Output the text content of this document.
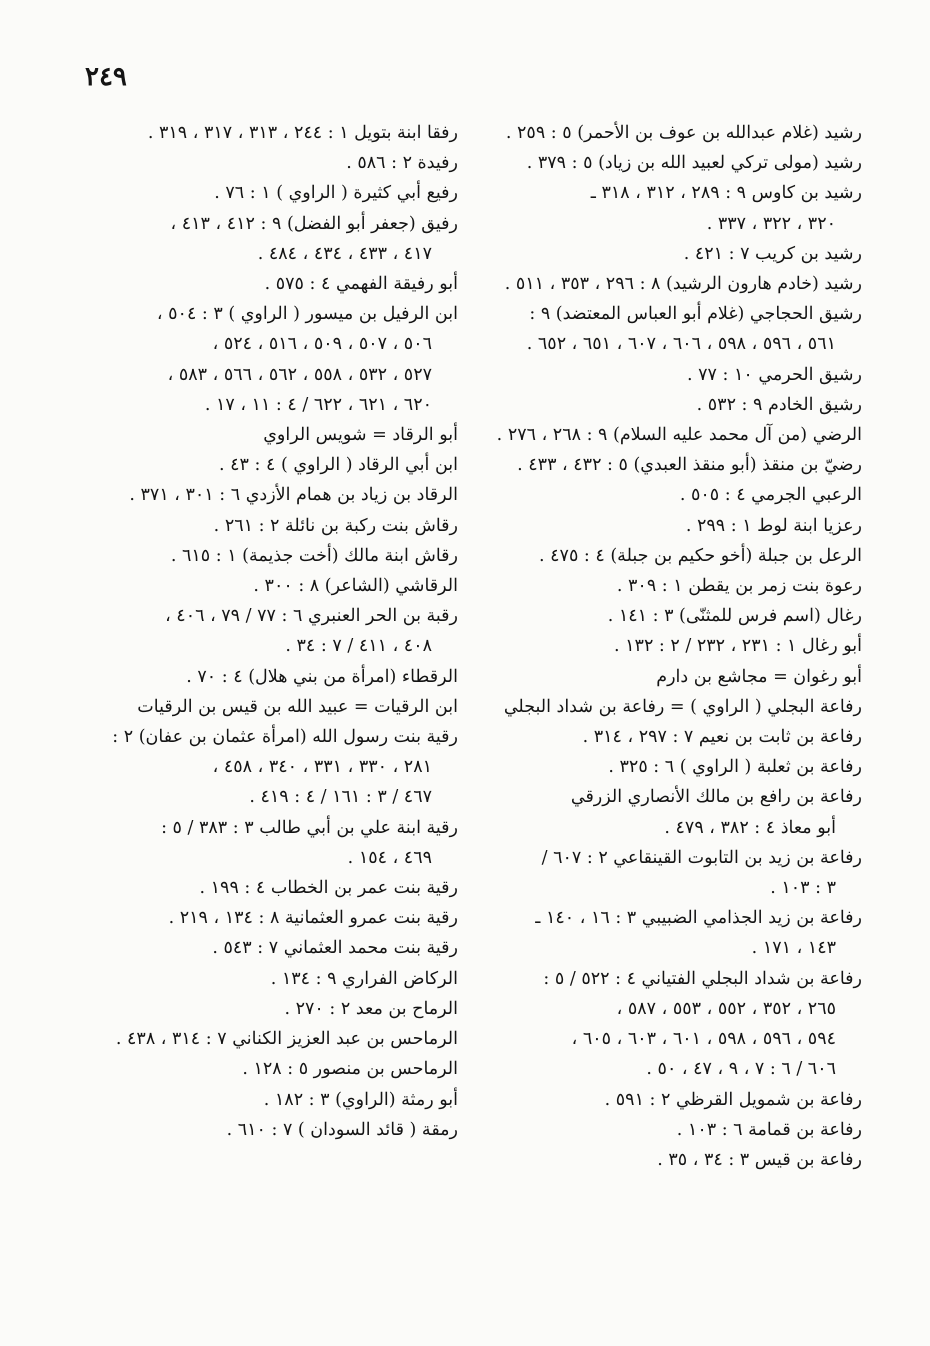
٢٤٩
رشيد (غلام عبدالله بن عوف بن الأحمر) ٥ : ٢٥٩ .
رشيد (مولى تركي لعبيد الله بن زياد) ٥ : ٣٧٩ .
رشيد بن كاوس ٩ : ٢٨٩ ، ٣١٢ ، ٣١٨ ـ
٣٢٠ ، ٣٢٢ ، ٣٣٧ .
رشيد بن كريب ٧ : ٤٢١ .
رشيد (خادم هارون الرشيد) ٨ : ٢٩٦ ، ٣٥٣ ، ٥١١ .
رشيق الحجاجي (غلام أبو العباس المعتضد) ٩ :
٥٦١ ، ٥٩٦ ، ٥٩٨ ، ٦٠٦ ، ٦٠٧ ، ٦٥١ ، ٦٥٢ .
رشيق الحرمي ١٠ : ٧٧ .
رشيق الخادم ٩ : ٥٣٢ .
الرضي (من آل محمد عليه السلام) ٩ : ٢٦٨ ، ٢٧٦ .
رضيّ بن منقذ (أبو منقذ العبدي) ٥ : ٤٣٢ ، ٤٣٣ .
الرعبي الجرمي ٤ : ٥٠٥ .
رعزيا ابنة لوط ١ : ٢٩٩ .
الرعل بن جبلة (أخو حكيم بن جبلة) ٤ : ٤٧٥ .
رعوة بنت زمر بن يقطن ١ : ٣٠٩ .
رغال (اسم فرس للمثنّى) ٣ : ١٤١ .
أبو رغال ١ : ٢٣١ ، ٢٣٢ / ٢ : ١٣٢ .
أبو رغوان = مجاشع بن دارم
رفاعة البجلي ( الراوي ) = رفاعة بن شداد البجلي
رفاعة بن ثابت بن نعيم ٧ : ٢٩٧ ، ٣١٤ .
رفاعة بن ثعلبة ( الراوي ) ٦ : ٣٢٥ .
رفاعة بن رافع بن مالك الأنصاري الزرقي
أبو معاذ ٤ : ٣٨٢ ، ٤٧٩ .
رفاعة بن زيد بن التابوت القينقاعي ٢ : ٦٠٧ /
٣ : ١٠٣ .
رفاعة بن زيد الجذامي الضبيبي ٣ : ١٦ ، ١٤٠ ـ
١٤٣ ، ١٧١ .
رفاعة بن شداد البجلي الفتياني ٤ : ٥٢٢ / ٥ :
٢٦٥ ، ٣٥٢ ، ٥٥٢ ، ٥٥٣ ، ٥٨٧ ،
٥٩٤ ، ٥٩٦ ، ٥٩٨ ، ٦٠١ ، ٦٠٣ ، ٦٠٥ ،
٦٠٦ / ٦ : ٧ ، ٩ ، ٤٧ ، ٥٠ .
رفاعة بن شمويل القرظي ٢ : ٥٩١ .
رفاعة بن قمامة ٦ : ١٠٣ .
رفاعة بن قيس ٣ : ٣٤ ، ٣٥ .
رفقا ابنة بتويل ١ : ٢٤٤ ، ٣١٣ ، ٣١٧ ، ٣١٩ .
رفيدة ٢ : ٥٨٦ .
رفيع أبي كثيرة ( الراوي ) ١ : ٧٦ .
رفيق (جعفر أبو الفضل) ٩ : ٤١٢ ، ٤١٣ ،
٤١٧ ، ٤٣٣ ، ٤٣٤ ، ٤٨٤ .
أبو رفيقة الفهمي ٤ : ٥٧٥ .
ابن الرفيل بن ميسور ( الراوي ) ٣ : ٥٠٤ ،
٥٠٦ ، ٥٠٧ ، ٥٠٩ ، ٥١٦ ، ٥٢٤ ،
٥٢٧ ، ٥٣٢ ، ٥٥٨ ، ٥٦٢ ، ٥٦٦ ، ٥٨٣ ،
٦٢٠ ، ٦٢١ ، ٦٢٢ / ٤ : ١١ ، ١٧ .
أبو الرقاد = شويس الراوي
ابن أبي الرقاد ( الراوي ) ٤ : ٤٣ .
الرقاد بن زياد بن همام الأزدي ٦ : ٣٠١ ، ٣٧١ .
رقاش بنت ركبة بن نائلة ٢ : ٢٦١ .
رقاش ابنة مالك (أخت جذيمة) ١ : ٦١٥ .
الرقاشي (الشاعر) ٨ : ٣٠٠ .
رقبة بن الحر العنبري ٦ : ٧٧ / ٧٩ ، ٤٠٦ ،
٤٠٨ ، ٤١١ / ٧ : ٣٤ .
الرقطاء (امرأة من بني هلال) ٤ : ٧٠ .
ابن الرقيات = عبيد الله بن قيس بن الرقيات
رقية بنت رسول الله (امرأة عثمان بن عفان) ٢ :
٢٨١ ، ٣٣٠ ، ٣٣١ ، ٣٤٠ ، ٤٥٨ ،
٤٦٧ / ٣ : ١٦١ / ٤ : ٤١٩ .
رقية ابنة علي بن أبي طالب ٣ : ٣٨٣ / ٥ :
٤٦٩ ، ١٥٤ .
رقية بنت عمر بن الخطاب ٤ : ١٩٩ .
رقية بنت عمرو العثمانية ٨ : ١٣٤ ، ٢١٩ .
رقية بنت محمد العثماني ٧ : ٥٤٣ .
الركاض الفراري ٩ : ١٣٤ .
الرماح بن معد ٢ : ٢٧٠ .
الرماحس بن عبد العزيز الكناني ٧ : ٣١٤ ، ٤٣٨ .
الرماحس بن منصور ٥ : ١٢٨ .
أبو رمثة (الراوي) ٣ : ١٨٢ .
رمقة ( قائد السودان ) ٧ : ٦١٠ .
